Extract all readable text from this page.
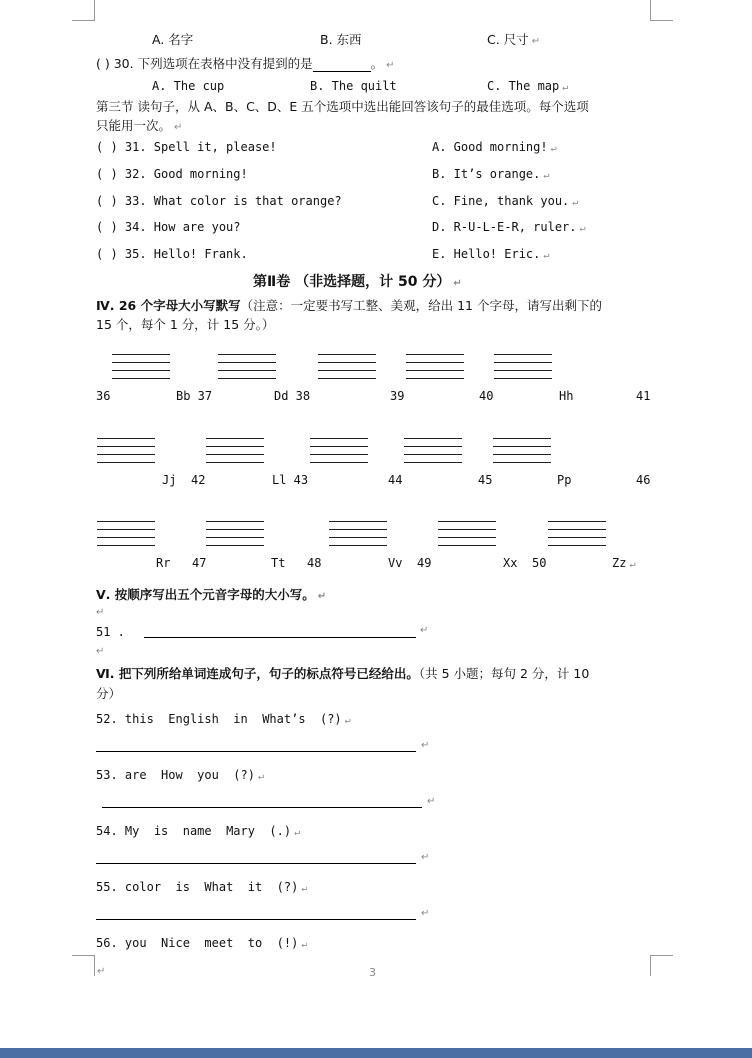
A. 名字	B. 东西	C. 尺寸 ↵
( ) 30. 下列选项在表格中没有提到的是	。 ↵
A. The cup	B. The quilt	C. The map ↵
第三节 读句子，从 A、B、C、D、E 五个选项中选出能回答该句子的最佳选项。每个选项
只能用一次。 ↵
( ) 31. Spell it, please!	A. Good morning! ↵
( ) 32. Good morning!	B. It’s orange. ↵
( ) 33. What color is that orange?	C. Fine, thank you. ↵
( ) 34. How are you?	D. R-U-L-E-R, ruler. ↵
( ) 35. Hello! Frank.	E. Hello! Eric. ↵
第Ⅱ卷 （非选择题，计 50 分） ↵
Ⅳ. 26 个字母大小写默写（注意：一定要书写工整、美观，给出 11 个字母，请写出剩下的
15 个，每个 1 分，计 15 分。）
36	Bb 37	Dd 38	39	40	Hh	41
Jj 42	Ll 43	44	45	Pp	46
Rr 47	Tt 48	Vv 49	Xx 50	Zz ↵
Ⅴ. 按顺序写出五个元音字母的大小写。 ↵
↵
51 .	↵
↵
Ⅵ. 把下列所给单词连成句子，句子的标点符号已经给出。（共 5 小题；每句 2 分，计 10
分）
52. this  English  in  What’s  (?) ↵
↵
53. are  How  you  (?) ↵
↵
54. My  is  name  Mary  (.) ↵
↵
55. color  is  What  it  (?) ↵
↵
56. you  Nice  meet  to  (!) ↵
↵	3
